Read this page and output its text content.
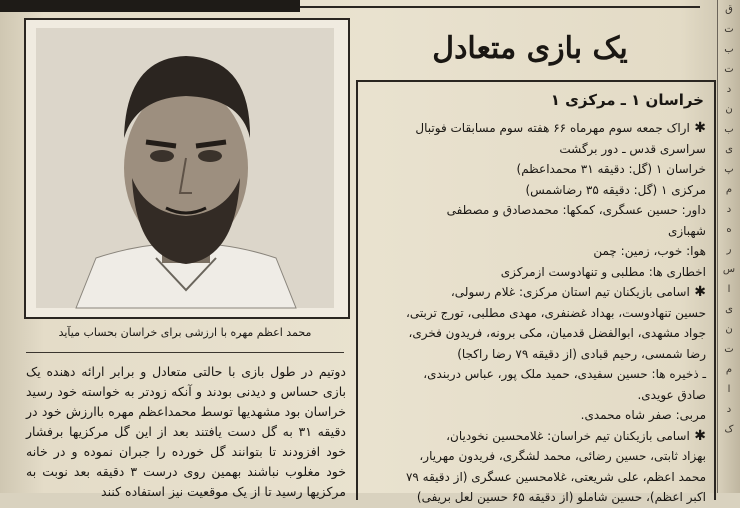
ق
ت
ب
ت
د
ن
ب
ی
پ
م
د
ه
ر
س
ا
ی
ن
ت
م
ا
د
ک
محمد اعظم مهره با ارزشی برای خراسان بحساب میآید
دوتیم در طول بازی با حالتی متعادل و برابر ارائه دهنده یک بازی حساس و دیدنی بودند و آنکه زودتر به خواسته خود رسید خراسان بود مشهدیها توسط محمداعظم مهره باارزش خود در دقیقه ۳۱ به گل دست یافتند بعد از این گل مرکزیها برفشار خود افزودند تا بتوانند گل خورده را جبران نموده و در خانه خود مغلوب نباشند بهمین روی درست ۳ دقیقه بعد نوبت به مرکزیها رسید تا از یک موقعیت نیز استفاده کنند
یک بازی متعادل
خراسان ۱ ـ مرکزی ۱
✱ اراک جمعه سوم مهرماه ۶۶ هفته سوم مسابقات فوتبال
سراسری قدس ـ دور برگشت
خراسان ۱ (گل: دقیقه ۳۱ محمداعظم)
مرکزی ۱ (گل: دقیقه ۳۵ رضاشمس)
داور: حسین عسگری، کمکها: محمدصادق و مصطفی
شهبازی
هوا: خوب، زمین: چمن
اخطاری ها: مطلبی و تنهادوست ازمرکزی
✱ اسامی بازیکنان تیم استان مرکزی: غلام رسولی،
حسین تنهادوست، بهداد غضنفری، مهدی مطلبی، تورج تربتی،
جواد مشهدی، ابوالفضل قدمیان، مکی برونه، فریدون فخری،
رضا شمسی، رحیم قبادی (از دقیقه ۷۹ رضا راکجا)
ـ ذخیره ها: حسین سفیدی، حمید ملک پور، عباس دربندی،
صادق عویدی.
مربی: صفر شاه محمدی.
✱ اسامی بازیکنان تیم خراسان: غلامحسین نخودیان،
بهزاد ثابتی، حسین رضائی، محمد لشگری، فریدون مهریار،
محمد اعظم، علی شریعتی، غلامحسین عسگری (از دقیقه ۷۹
اکبر اعظم)، حسین شاملو (از دقیقه ۶۵ حسین لعل بریفی)
